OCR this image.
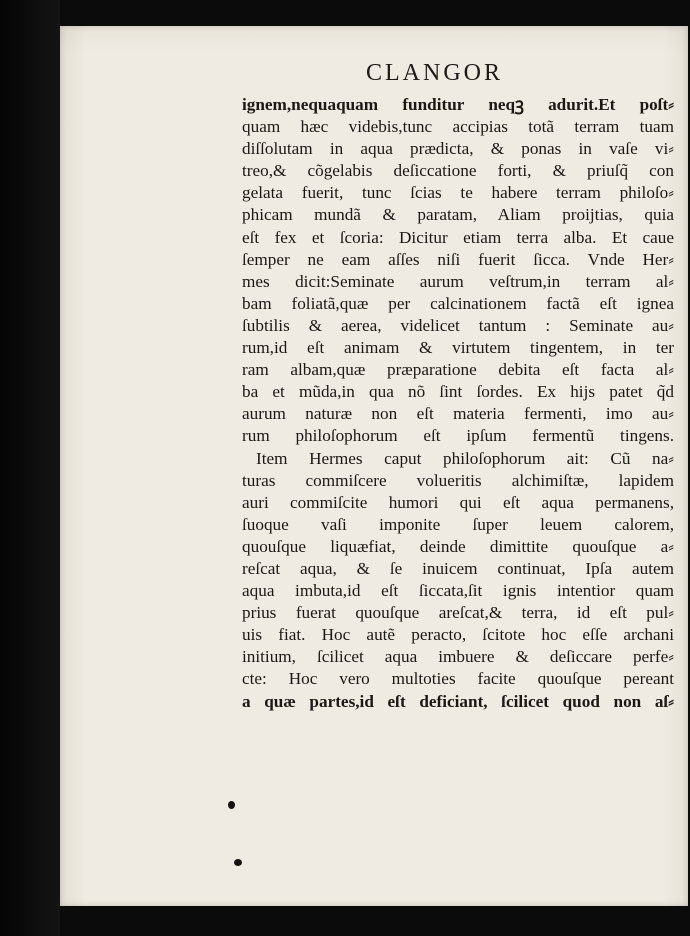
CLANGOR
ignem,nequaquam funditur neqꝫ adurit.Et poſt⸗
quam hæc videbis,tunc accipias totã terram tuam
diſſolutam in aqua prædicta, & ponas in vaſe vi⸗
treo,& cõgelabis deſiccatione forti, & priuſq̃ con
gelata fuerit, tunc ſcias te habere terram philoſo⸗
phicam mundã & paratam, Aliam proijtias, quia
eſt fex et ſcoria: Dicitur etiam terra alba. Et caue
ſemper ne eam aſſes niſi fuerit ſicca. Vnde Her⸗
mes dicit:Seminate aurum veſtrum,in terram al⸗
bam foliatã,quæ per calcinationem factã eſt ignea
ſubtilis & aerea, videlicet tantum : Seminate au⸗
rum,id eſt animam & virtutem tingentem, in ter
ram albam,quæ præparatione debita eſt facta al⸗
ba et mũda,in qua nõ ſint ſordes. Ex hijs patet q̃d
aurum naturæ non eſt materia fermenti, imo au⸗
rum philoſophorum eſt ipſum fermentũ tingens.
Item Hermes caput philoſophorum ait: Cũ na⸗
turas commiſcere volueritis alchimiſtæ, lapidem
auri commiſcite humori qui eſt aqua permanens,
ſuoque vaſi imponite ſuper leuem calorem,
quouſque liquæfiat, deinde dimittite quouſque a⸗
reſcat aqua, & ſe inuicem continuat, Ipſa autem
aqua imbuta,id eſt ſiccata,ſit ignis intentior quam
prius fuerat quouſque areſcat,& terra, id eſt pul⸗
uis fiat. Hoc autẽ peracto, ſcitote hoc eſſe archani
initium, ſcilicet aqua imbuere & deſiccare perfe⸗
cte: Hoc vero multoties facite quouſque pereant
a quæ partes,id eſt deficiant, ſcilicet quod non aſ⸗
